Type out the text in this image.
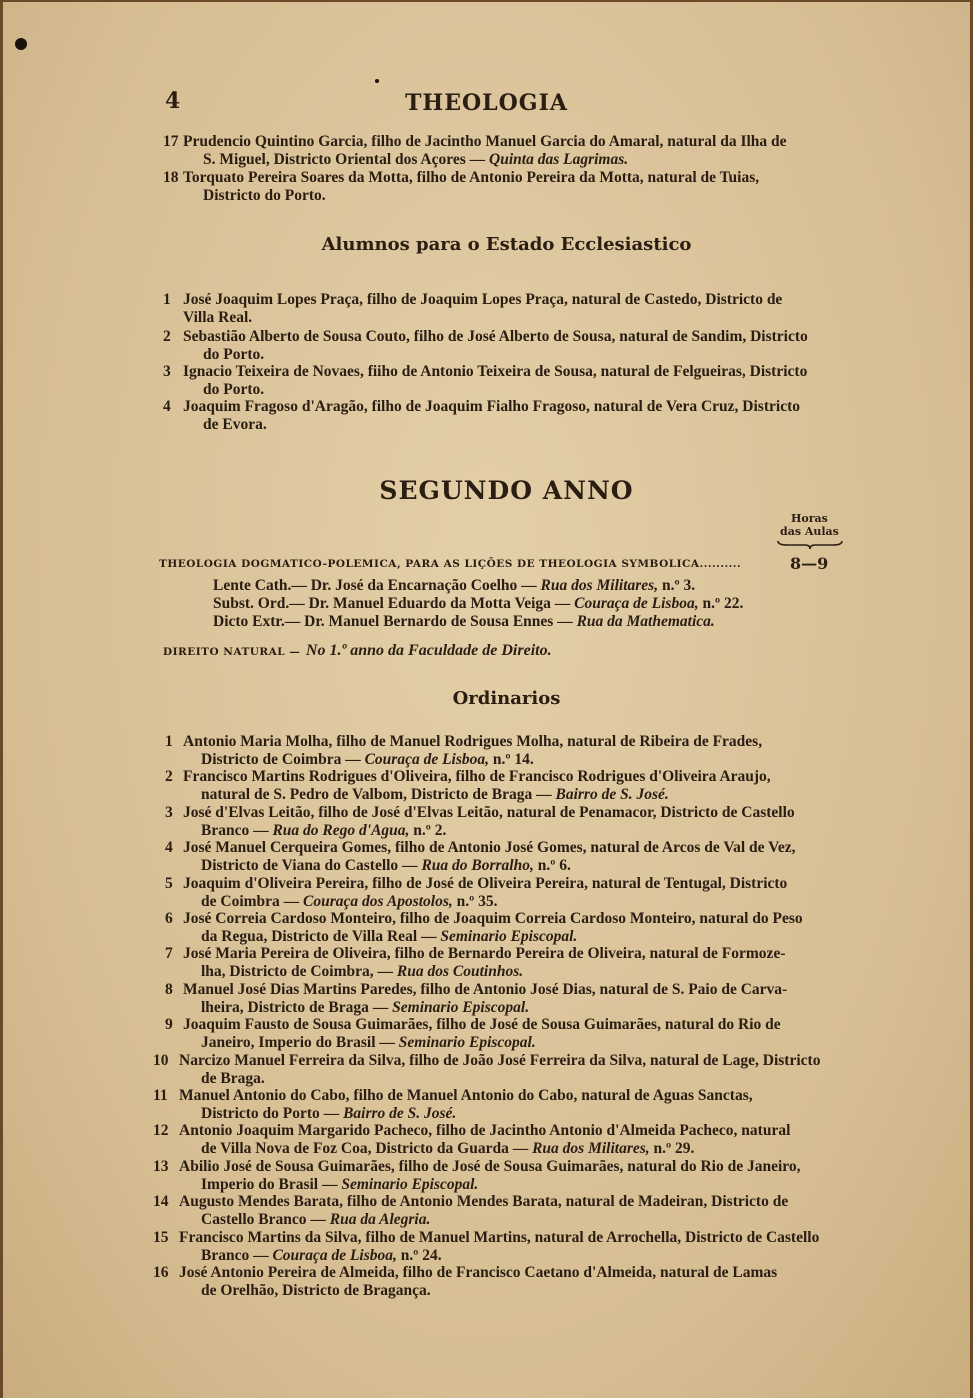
4	THEOLOGIA
17 Prudencio Quintino Garcia, filho de Jacintho Manuel Garcia do Amaral, natural da Ilha de
S. Miguel, Districto Oriental dos Açores — Quinta das Lagrimas.
18 Torquato Pereira Soares da Motta, filho de Antonio Pereira da Motta, natural de Tuias,
Districto do Porto.
Alumnos para o Estado Ecclesiastico
1 José Joaquim Lopes Praça, filho de Joaquim Lopes Praça, natural de Castedo, Districto de
Villa Real.
2 Sebastião Alberto de Sousa Couto, filho de José Alberto de Sousa, natural de Sandim, Districto
do Porto.
3 Ignacio Teixeira de Novaes, fiiho de Antonio Teixeira de Sousa, natural de Felgueiras, Districto
do Porto.
4 Joaquim Fragoso d'Aragão, filho de Joaquim Fialho Fragoso, natural de Vera Cruz, Districto
de Evora.
SEGUNDO ANNO
Horas
das Aulas
THEOLOGIA DOGMATICO-POLEMICA, PARA AS LIÇÕES DE THEOLOGIA SYMBOLICA..........	8—9
Lente Cath.— Dr. José da Encarnação Coelho — Rua dos Militares, n.º 3.
Subst. Ord.— Dr. Manuel Eduardo da Motta Veiga — Couraça de Lisboa, n.º 22.
Dicto Extr.— Dr. Manuel Bernardo de Sousa Ennes — Rua da Mathematica.
DIREITO NATURAL — No 1.º anno da Faculdade de Direito.
Ordinarios
1 Antonio Maria Molha, filho de Manuel Rodrigues Molha, natural de Ribeira de Frades,
Districto de Coimbra — Couraça de Lisboa, n.º 14.
2 Francisco Martins Rodrigues d'Oliveira, filho de Francisco Rodrigues d'Oliveira Araujo,
natural de S. Pedro de Valbom, Districto de Braga — Bairro de S. José.
3 José d'Elvas Leitão, filho de José d'Elvas Leitão, natural de Penamacor, Districto de Castello
Branco — Rua do Rego d'Agua, n.º 2.
4 José Manuel Cerqueira Gomes, filho de Antonio José Gomes, natural de Arcos de Val de Vez,
Districto de Viana do Castello — Rua do Borralho, n.º 6.
5 Joaquim d'Oliveira Pereira, filho de José de Oliveira Pereira, natural de Tentugal, Districto
de Coimbra — Couraça dos Apostolos, n.º 35.
6 José Correia Cardoso Monteiro, filho de Joaquim Correia Cardoso Monteiro, natural do Peso
da Regua, Districto de Villa Real — Seminario Episcopal.
7 José Maria Pereira de Oliveira, filho de Bernardo Pereira de Oliveira, natural de Formoze-
lha, Districto de Coimbra, — Rua dos Coutinhos.
8 Manuel José Dias Martins Paredes, filho de Antonio José Dias, natural de S. Paio de Carva-
lheira, Districto de Braga — Seminario Episcopal.
9 Joaquim Fausto de Sousa Guimarães, filho de José de Sousa Guimarães, natural do Rio de
Janeiro, Imperio do Brasil — Seminario Episcopal.
10 Narcizo Manuel Ferreira da Silva, filho de João José Ferreira da Silva, natural de Lage, Districto
de Braga.
11 Manuel Antonio do Cabo, filho de Manuel Antonio do Cabo, natural de Aguas Sanctas,
Districto do Porto — Bairro de S. José.
12 Antonio Joaquim Margarido Pacheco, filho de Jacintho Antonio d'Almeida Pacheco, natural
de Villa Nova de Foz Coa, Districto da Guarda — Rua dos Militares, n.º 29.
13 Abilio José de Sousa Guimarães, filho de José de Sousa Guimarães, natural do Rio de Janeiro,
Imperio do Brasil — Seminario Episcopal.
14 Augusto Mendes Barata, filho de Antonio Mendes Barata, natural de Madeiran, Districto de
Castello Branco — Rua da Alegria.
15 Francisco Martins da Silva, filho de Manuel Martins, natural de Arrochella, Districto de Castello
Branco — Couraça de Lisboa, n.º 24.
16 José Antonio Pereira de Almeida, filho de Francisco Caetano d'Almeida, natural de Lamas
de Orelhão, Districto de Bragança.
